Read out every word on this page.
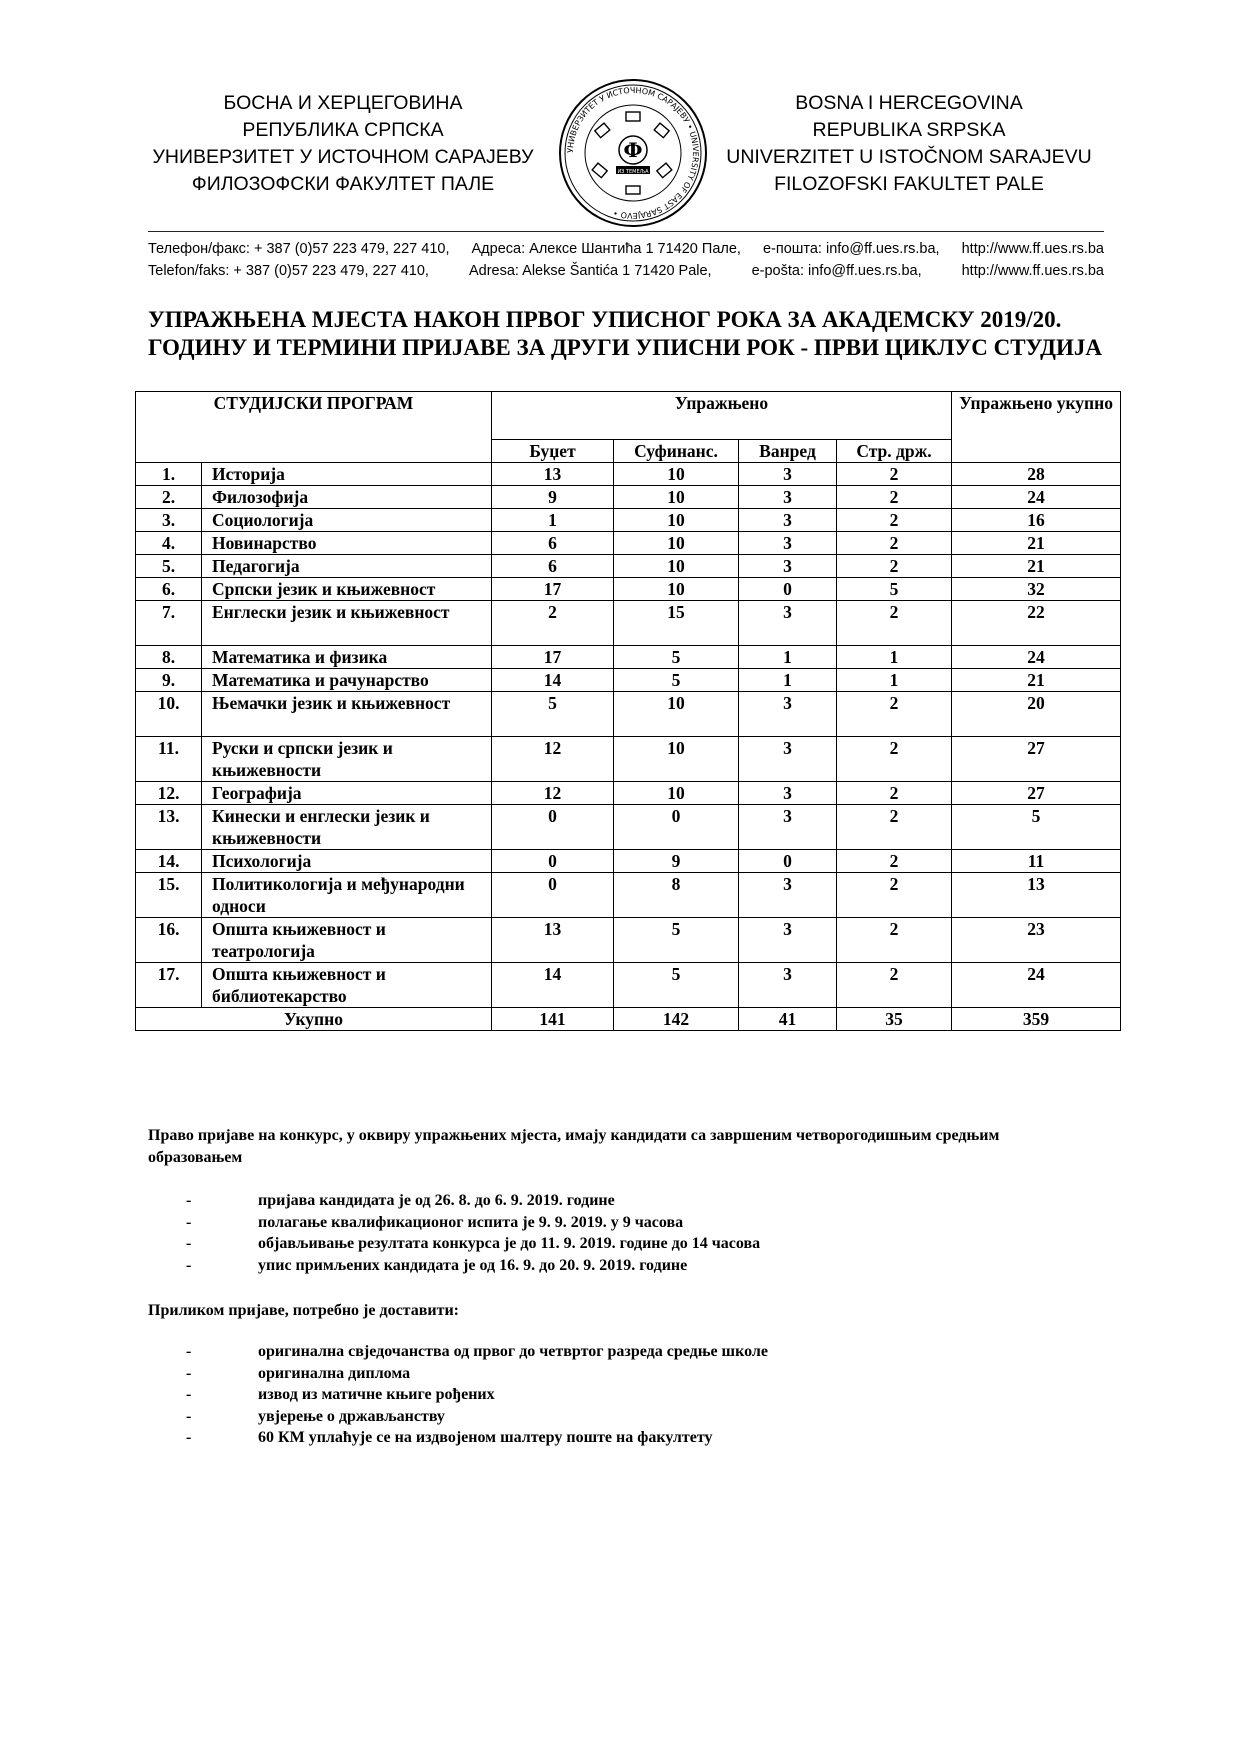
БОСНА И ХЕРЦЕГОВИНА
РЕПУБЛИКА СРПСКА
УНИВЕРЗИТЕТ У ИСТОЧНОМ САРАЈЕВУ
ФИЛОЗОФСКИ ФАКУЛТЕТ ПАЛЕ
УНИВЕРЗИТЕТ У ИСТОЧНОМ САРАЈЕВУ • UNIVERSITY OF EAST SARAJEVO •
Ф
ИЗ ТЕМЕЉА
BOSNA I HERCEGOVINA
REPUBLIKA SRPSKA
UNIVERZITET U ISTOČNOM SARAJEVU
FILOZOFSKI FAKULTET PALE
Телефон/факс: + 387 (0)57 223 479, 227 410, Адреса: Алексе Шантића 1 71420 Пале, е-пошта: info@ff.ues.rs.ba, http://www.ff.ues.rs.ba
Telefon/faks: + 387 (0)57 223 479, 227 410,	Adresa: Alekse Šantića 1 71420 Pale,	e-pošta: info@ff.ues.rs.ba,	http://www.ff.ues.rs.ba
УПРАЖЊЕНА МЈЕСТА НАКОН ПРВОГ УПИСНОГ РОКА ЗА АКАДЕМСКУ 2019/20. ГОДИНУ И ТЕРМИНИ ПРИЈАВЕ ЗА ДРУГИ УПИСНИ РОК - ПРВИ ЦИКЛУС СТУДИЈА
СТУДИЈСКИ ПРОГРАМ		Упражњено				Упражњено укупно
		Буџет	Суфинанс.	Ванред	Стр. држ.	
1.	Историја	13	10	3	2	28
2.	Филозофија	9	10	3	2	24
3.	Социологија	1	10	3	2	16
4.	Новинарство	6	10	3	2	21
5.	Педагогија	6	10	3	2	21
6.	Српски језик и књижевност	17	10	0	5	32
7.	Енглески језик и књижевност	2	15	3	2	22
8.	Математика и физика	17	5	1	1	24
9.	Математика и рачунарство	14	5	1	1	21
10.	Њемачки језик и књижевност	5	10	3	2	20
11.	Руски и српски језик и књижевности	12	10	3	2	27
12.	Географија	12	10	3	2	27
13.	Кинески и енглески језик и књижевности	0	0	3	2	5
14.	Психологија	0	9	0	2	11
15.	Политикологија и међународни односи	0	8	3	2	13
16.	Општа књижевност и театрологија	13	5	3	2	23
17.	Општа књижевност и библиотекарство	14	5	3	2	24
Укупно		141	142	41	35	359

Право пријаве на конкурс, у оквиру упражњених мјеста, имају кандидати са завршеним четворогодишњим средњим образовањем

-	пријава кандидата је од 26. 8. до 6. 9. 2019. године
-	полагање квалификационог испита је 9. 9. 2019. у 9 часова
-	објављивање резултата конкурса је до 11. 9. 2019. године до 14 часова
-	упис примљених кандидата је од 16. 9. до 20. 9. 2019. године

Приликом пријаве, потребно је доставити:

-	оригинална свједочанства од првог до четвртог разреда средње школе
-	оригинална диплома
-	извод из матичне књиге рођених
-	увјерење о држављанству
-	60 КМ уплаћује се на издвојеном шалтеру поште на факултету
